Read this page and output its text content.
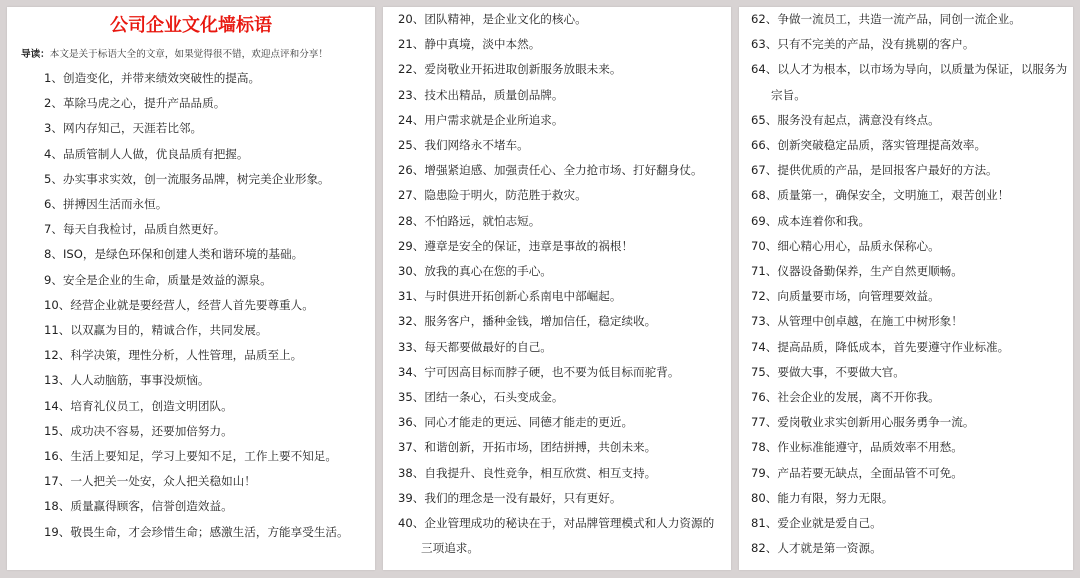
公司企业文化墙标语
导读：本文是关于标语大全的文章，如果觉得很不错，欢迎点评和分享！
1、创造变化，并带来绩效突破性的提高。
2、革除马虎之心，提升产品品质。
3、网内存知己，天涯若比邻。
4、品质管制人人做，优良品质有把握。
5、办实事求实效，创一流服务品牌，树完美企业形象。
6、拼搏因生活而永恒。
7、每天自我检讨，品质自然更好。
8、ISO，是绿色环保和创建人类和谐环境的基础。
9、安全是企业的生命，质量是效益的源泉。
10、经营企业就是要经营人，经营人首先要尊重人。
11、以双赢为目的，精诚合作，共同发展。
12、科学决策，理性分析，人性管理，品质至上。
13、人人动脑筋，事事没烦恼。
14、培育礼仪员工，创造文明团队。
15、成功决不容易，还要加倍努力。
16、生活上要知足，学习上要知不足，工作上要不知足。
17、一人把关一处安，众人把关稳如山！
18、质量赢得顾客，信誉创造效益。
19、敬畏生命，才会珍惜生命；感激生活，方能享受生活。
20、团队精神，是企业文化的核心。
21、静中真境，淡中本然。
22、爱岗敬业开拓进取创新服务放眼未来。
23、技术出精品，质量创品牌。
24、用户需求就是企业所追求。
25、我们网络永不堵车。
26、增强紧迫感、加强责任心、全力抢市场、打好翻身仗。
27、隐患险于明火，防范胜于救灾。
28、不怕路远，就怕志短。
29、遵章是安全的保证，违章是事故的祸根！
30、放我的真心在您的手心。
31、与时俱进开拓创新心系南电中部崛起。
32、服务客户，播种金钱，增加信任，稳定续收。
33、每天都要做最好的自己。
34、宁可因高目标而脖子硬，也不要为低目标而驼背。
35、团结一条心，石头变成金。
36、同心才能走的更远、同德才能走的更近。
37、和谐创新，开拓市场，团结拼搏，共创未来。
38、自我提升、良性竞争，相互欣赏、相互支持。
39、我们的理念是一没有最好，只有更好。
40、企业管理成功的秘诀在于，对品牌管理模式和人力资源的
三项追求。
62、争做一流员工，共造一流产品，同创一流企业。
63、只有不完美的产品，没有挑剔的客户。
64、以人才为根本，以市场为导向，以质量为保证，以服务为
宗旨。
65、服务没有起点，满意没有终点。
66、创新突破稳定品质，落实管理提高效率。
67、提供优质的产品，是回报客户最好的方法。
68、质量第一，确保安全，文明施工，艰苦创业！
69、成本连着你和我。
70、细心精心用心，品质永保称心。
71、仪器设备勤保养，生产自然更顺畅。
72、向质量要市场，向管理要效益。
73、从管理中创卓越，在施工中树形象！
74、提高品质，降低成本，首先要遵守作业标准。
75、要做大事，不要做大官。
76、社会企业的发展，离不开你我。
77、爱岗敬业求实创新用心服务勇争一流。
78、作业标准能遵守，品质效率不用愁。
79、产品若要无缺点，全面品管不可免。
80、能力有限，努力无限。
81、爱企业就是爱自己。
82、人才就是第一资源。
